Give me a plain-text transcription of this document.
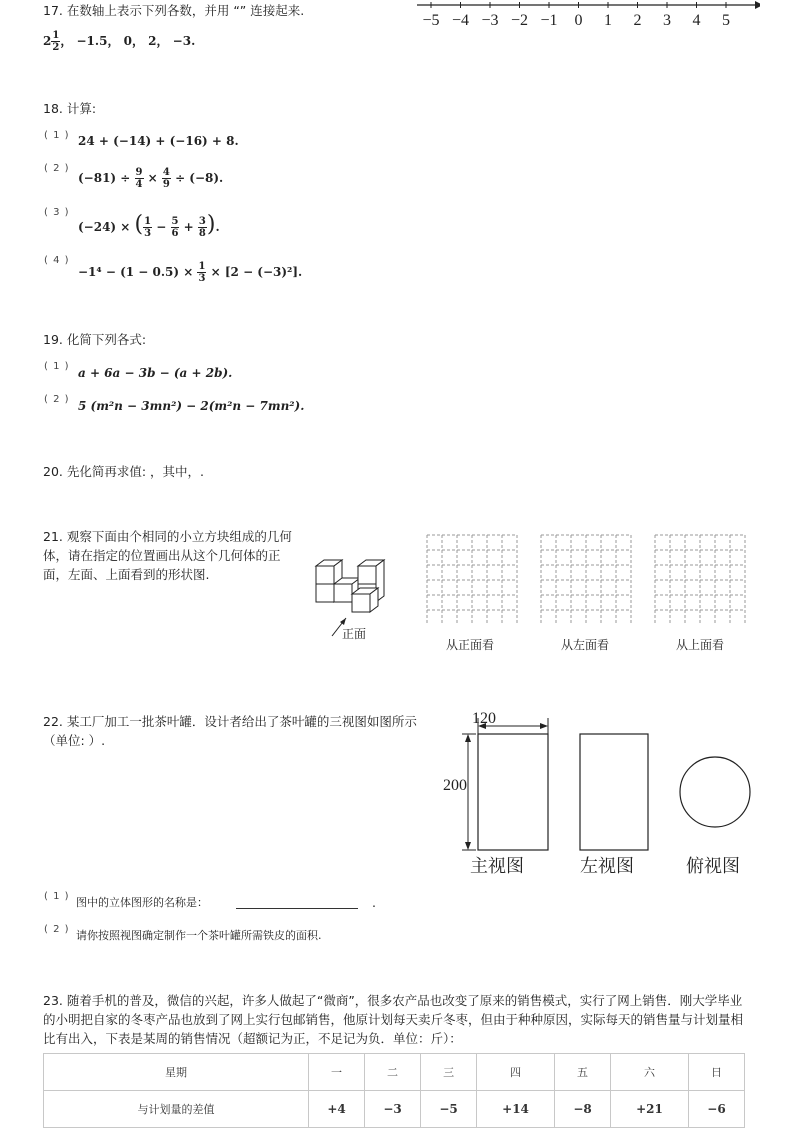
17. 在数轴上表示下列各数，并用 “” 连接起来.
$2 \frac{1}{2}$ ， −1.5， 0， 2， −3.
−5 −4 −3 −2 −1 0 1 2 3 4 5
18. 计算:
( 1 ) 24 + (−14) + (−16) + 8.
( 2 )
$(-81) \div \frac{9}{4} \times \frac{4}{9} \div (-8)$.
( 3 )
(−24) × ( $\frac{1}{3} - \frac{5}{6} + \frac{3}{8}$ ).
( 4 )
$-1^4 - (1 - 0.5) \times \frac{1}{3} \times [2 - (-3)^2]$.
19. 化简下列各式:
( 1 ) a + 6a − 3b − (a + 2b).
( 2 ) 5 (m²n − 3mn²) − 2(m²n − 7mn²).
20. 先化简再求值: ，其中，.
21. 观察下面由个相同的小立方块组成的几何体，请在指定的位置画出从这个几何体的正面，左面、上面看到的形状图.
正面
从正面看	从左面看	从上面看
22. 某工厂加工一批茶叶罐．设计者给出了茶叶罐的三视图如图所示（单位: ）.
120
200
主视图	左视图	俯视图
( 1 ) 图中的立体图形的名称是：	.
( 2 ) 请你按照视图确定制作一个茶叶罐所需铁皮的面积.
23. 随着手机的普及，微信的兴起，许多人做起了“微商”，很多农产品也改变了原来的销售模式，实行了网上销售．刚大学毕业的小明把自家的冬枣产品也放到了网上实行包邮销售，他原计划每天卖斤冬枣，但由于种种原因，实际每天的销售量与计划量相比有出入，下表是某周的销售情况（超额记为正，不足记为负．单位：斤）：
星期	一	二	三	四	五	六	日
与计划量的差值	+4	−3	−5	+14	−8	+21	−6
